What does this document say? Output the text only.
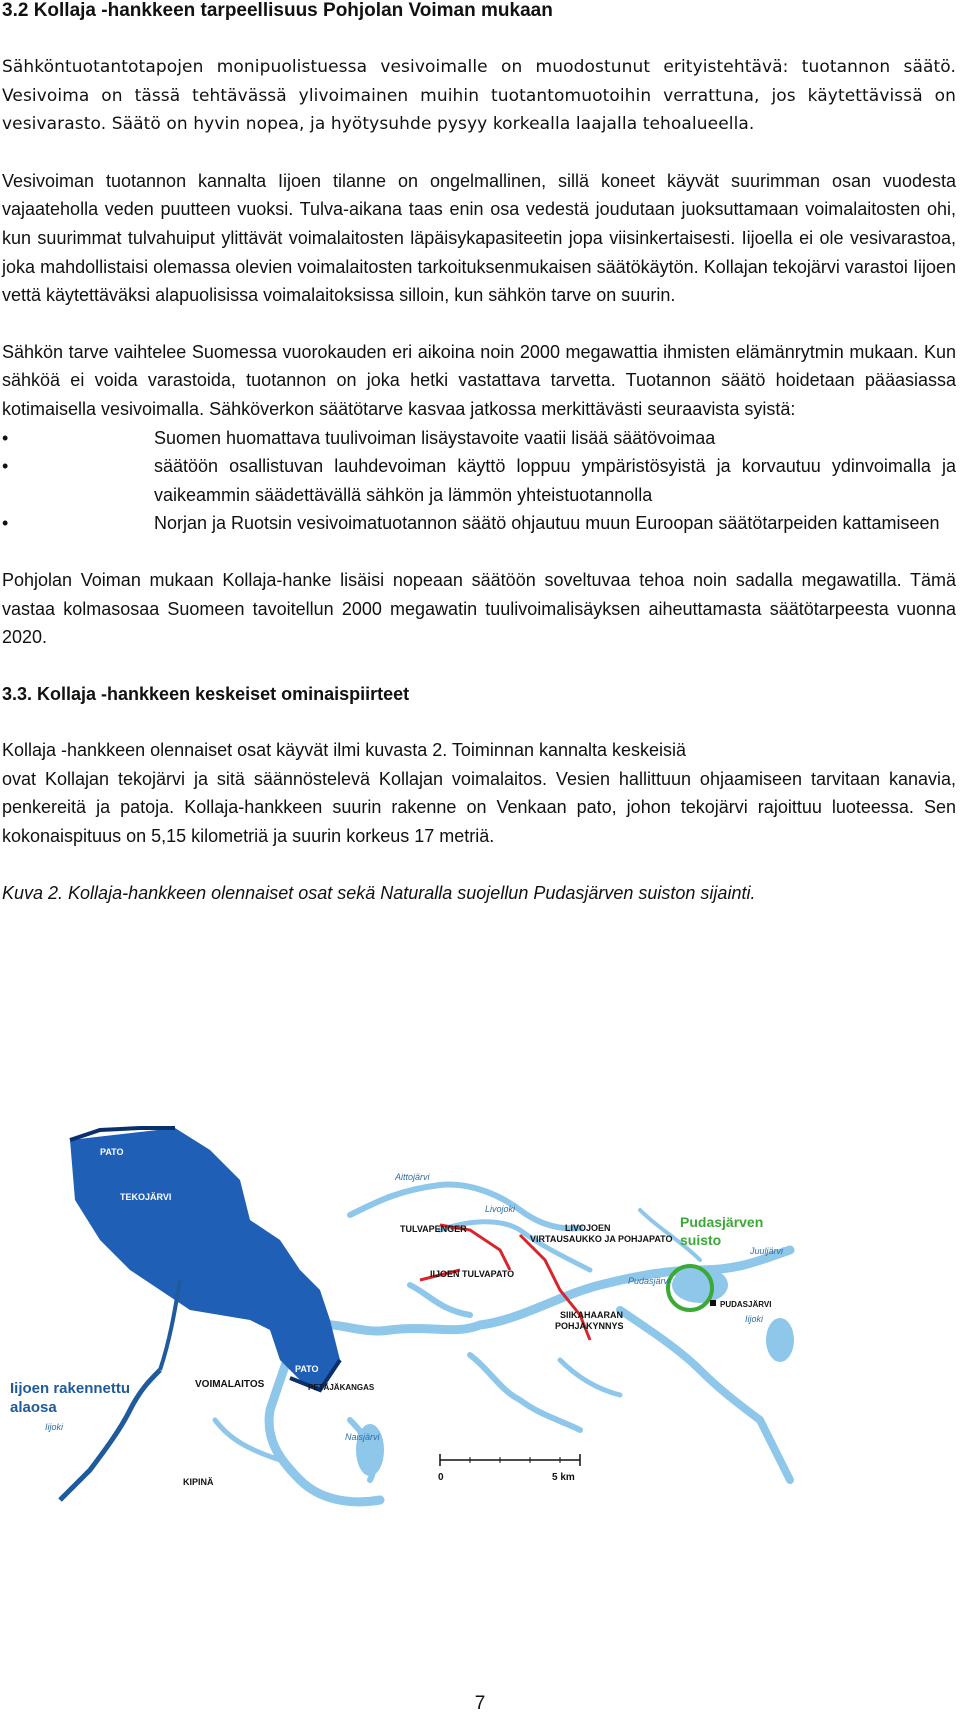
3.2 Kollaja -hankkeen tarpeellisuus Pohjolan Voiman mukaan

Sähköntuotantotapojen monipuolistuessa vesivoimalle on muodostunut erityistehtävä: tuotannon säätö. Vesivoima on tässä tehtävässä ylivoimainen muihin tuotantomuotoihin verrattuna, jos käytettävissä on vesivarasto. Säätö on hyvin nopea, ja hyötysuhde pysyy korkealla laajalla tehoalueella.

Vesivoiman tuotannon kannalta Iijoen tilanne on ongelmallinen, sillä koneet käyvät suurimman osan vuodesta vajaateholla veden puutteen vuoksi. Tulva-aikana taas enin osa vedestä joudutaan juoksuttamaan voimalaitosten ohi, kun suurimmat tulvahuiput ylittävät voimalaitosten läpäisykapasiteetin jopa viisinkertaisesti. Iijoella ei ole vesivarastoa, joka mahdollistaisi olemassa olevien voimalaitosten tarkoituksenmukaisen säätökäytön. Kollajan tekojärvi varastoi Iijoen vettä käytettäväksi alapuolisissa voimalaitoksissa silloin, kun sähkön tarve on suurin.

Sähkön tarve vaihtelee Suomessa vuorokauden eri aikoina noin 2000 megawattia ihmisten elämänrytmin mukaan. Kun sähköä ei voida varastoida, tuotannon on joka hetki vastattava tarvetta. Tuotannon säätö hoidetaan pääasiassa kotimaisella vesivoimalla. Sähköverkon säätötarve kasvaa jatkossa merkittävästi seuraavista syistä:

• Suomen huomattava tuulivoiman lisäystavoite vaatii lisää säätövoimaa
• säätöön osallistuvan lauhdevoiman käyttö loppuu ympäristösyistä ja korvautuu ydinvoimalla ja vaikeammin säädettävällä sähkön ja lämmön yhteistuotannolla
• Norjan ja Ruotsin vesivoimatuotannon säätö ohjautuu muun Euroopan säätötarpeiden kattamiseen

Pohjolan Voiman mukaan Kollaja-hanke lisäisi nopeaan säätöön soveltuvaa tehoa noin sadalla megawatilla. Tämä vastaa kolmasosaa Suomeen tavoitellun 2000 megawatin tuulivoimalisäyksen aiheuttamasta säätötarpeesta vuonna 2020.

3.3. Kollaja -hankkeen keskeiset ominaispiirteet
Kollaja -hankkeen olennaiset osat käyvät ilmi kuvasta 2. Toiminnan kannalta keskeisiä

ovat Kollajan tekojärvi ja sitä säännöstelevä Kollajan voimalaitos. Vesien hallittuun ohjaamiseen tarvitaan kanavia, penkereitä ja patoja. Kollaja-hankkeen suurin rakenne on Venkaan pato, johon tekojärvi rajoittuu luoteessa. Sen kokonaispituus on 5,15 kilometriä ja suurin korkeus 17 metriä.

Kuva 2. Kollaja-hankkeen olennaiset osat sekä Naturalla suojellun Pudasjärven suiston sijainti.

PATO
TEKOJÄRVI
PATO
Aittojärvi
Livojoki
TULVAPENGER	LIVOJOEN
VIRTAUSAUKKO JA POHJAPATO
IIJOEN TULVAPATO
SIIKAHAARAN
POHJAKYNNYS
Pudasjärvi
PUDASJÄRVI
Iijoki
Juuljärvi
VOIMALAITOS	PETÄJÄKANGAS
Iijoki
Naisjärvi
KIPINÄ
Iijoen rakennettu
alaosa
Pudasjärven
suisto
0	5 km
7
